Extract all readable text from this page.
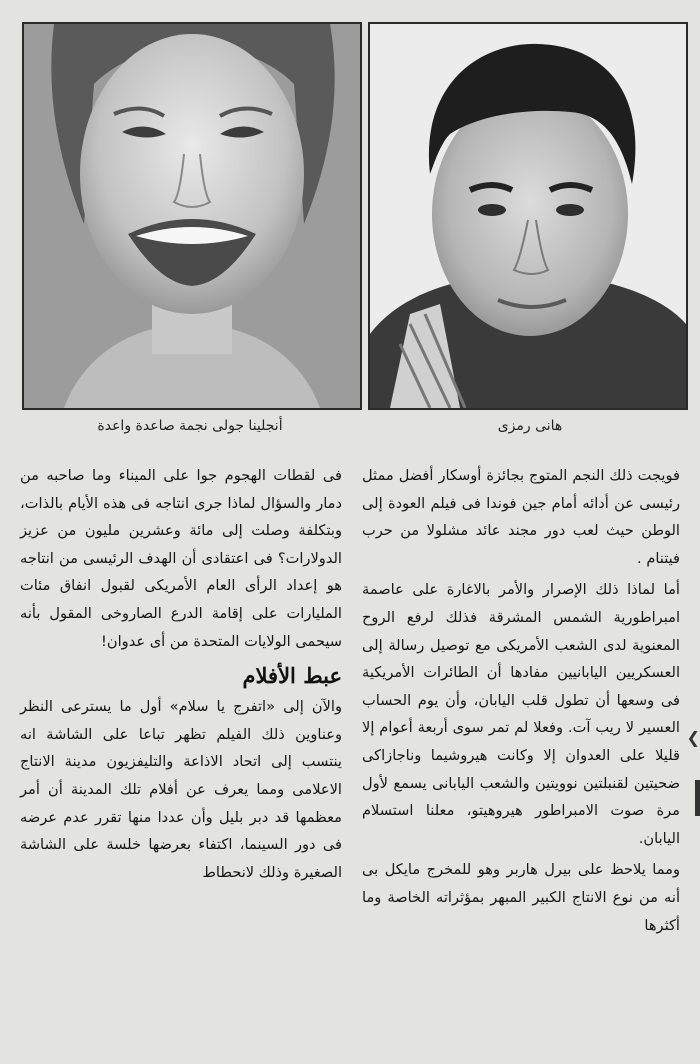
أنجلينا جولى نجمة صاعدة واعدة	هانى رمزى

فويجت ذلك النجم المتوج بجائزة أوسكار أفضل ممثل رئيسى عن أدائه أمام جين فوندا فى فيلم العودة إلى الوطن حيث لعب دور مجند عائد مشلولا من حرب فيتنام .

أما لماذا ذلك الإصرار والأمر بالاغارة على عاصمة امبراطورية الشمس المشرقة فذلك لرفع الروح المعنوية لدى الشعب الأمريكى مع توصيل رسالة إلى العسكريين اليابانيين مفادها أن الطائرات الأمريكية فى وسعها أن تطول قلب اليابان، وأن يوم الحساب العسير لا ريب آت. وفعلا لم تمر سوى أربعة أعوام إلا قليلا على العدوان إلا وكانت هيروشيما وناجازاكى ضحيتين لقنبلتين نوويتين والشعب اليابانى يسمع لأول مرة صوت الامبراطور هيروهيتو، معلنا استسلام اليابان.

ومما يلاحظ على بيرل هاربر وهو للمخرج مايكل بى أنه من نوع الانتاج الكبير المبهر بمؤثراته الخاصة وما أكثرها

فى لقطات الهجوم جوا على الميناء وما صاحبه من دمار والسؤال لماذا جرى انتاجه فى هذه الأيام بالذات، وبتكلفة وصلت إلى مائة وعشرين مليون من عزيز الدولارات؟ فى اعتقادى أن الهدف الرئيسى من انتاجه هو إعداد الرأى العام الأمريكى لقبول انفاق مئات المليارات على إقامة الدرع الصاروخى المقول بأنه سيحمى الولايات المتحدة من أى عدوان!

عبط الأفلام

والآن إلى «اتفرج يا سلام» أول ما يسترعى النظر وعناوين ذلك الفيلم تظهر تباعا على الشاشة انه ينتسب إلى اتحاد الاذاعة والتليفزيون مدينة الانتاج الاعلامى ومما يعرف عن أفلام تلك المدينة أن أمر معظمها قد دبر بليل وأن عددا منها تقرر عدم عرضه فى دور السينما، اكتفاء بعرضها خلسة على الشاشة الصغيرة وذلك لانحطاط

❮
